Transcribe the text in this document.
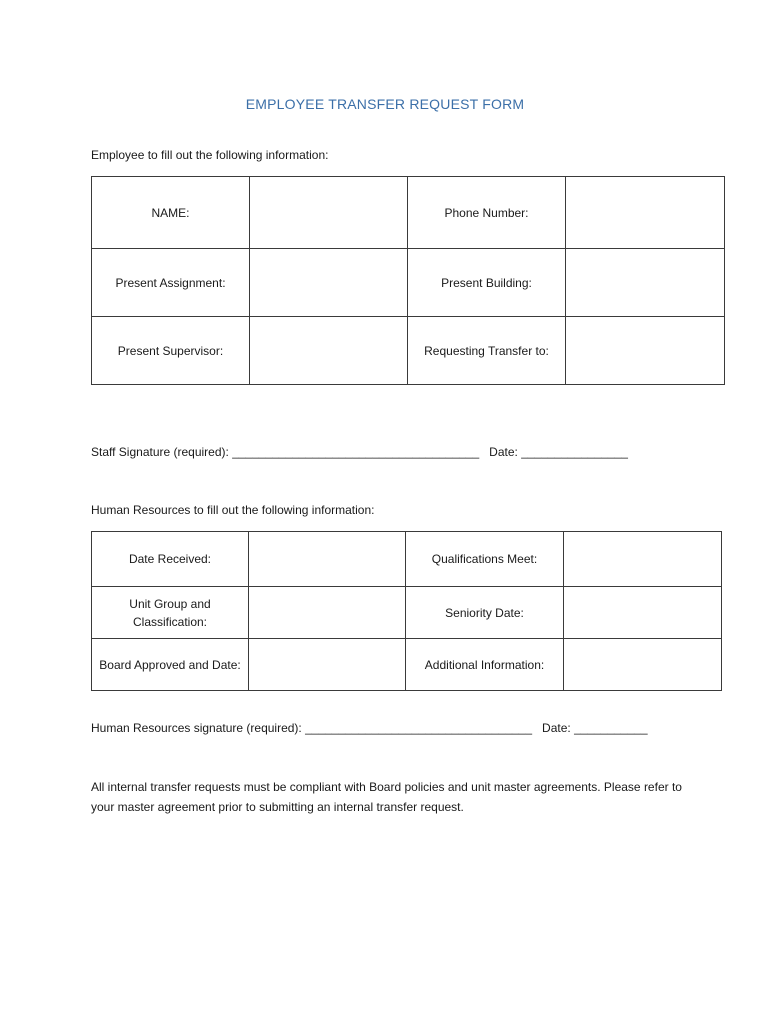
EMPLOYEE TRANSFER REQUEST FORM
Employee to fill out the following information:
NAME:		Phone Number:	
Present Assignment:		Present Building:	
Present Supervisor:		Requesting Transfer to:	
Staff Signature (required): _____________________________________ Date: ________________
Human Resources to fill out the following information:
Date Received:		Qualifications Meet:	
Unit Group and Classification:		Seniority Date:	
Board Approved and Date:		Additional Information:	
Human Resources signature (required): __________________________________ Date: ___________
All internal transfer requests must be compliant with Board policies and unit master agreements. Please refer to your master agreement prior to submitting an internal transfer request.
